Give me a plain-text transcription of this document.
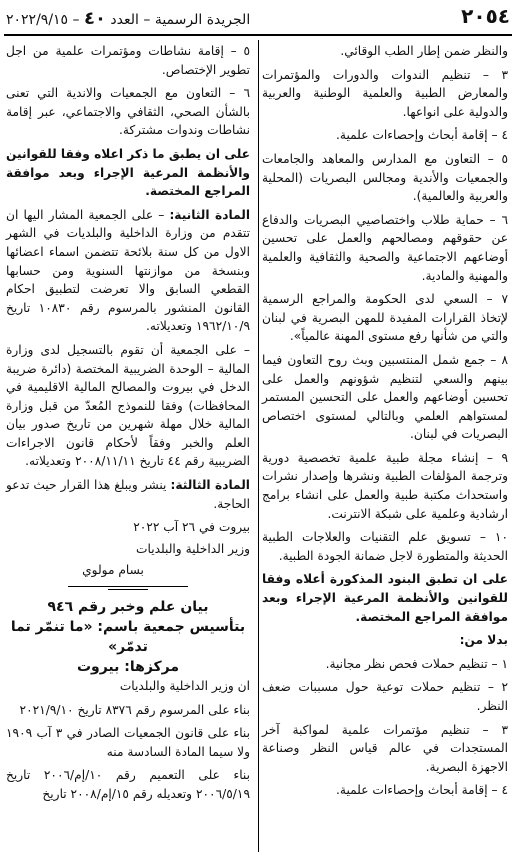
٢٠٥٤
الجريدة الرسمية – العدد ٤٠ – ٢٠٢٢/٩/١٥

والنظر ضمن إطار الطب الوقائي.

٣ – تنظيم الندوات والدورات والمؤتمرات والمعارض الطبية والعلمية الوطنية والعربية والدولية على انواعها.

٤ – إقامة أبحاث وإحصاءات علمية.

٥ – التعاون مع المدارس والمعاهد والجامعات والجمعيات والأندية ومجالس البصريات (المحلية والعربية والعالمية).

٦ – حماية طلاب واختصاصيي البصريات والدفاع عن حقوقهم ومصالحهم والعمل على تحسين أوضاعهم الاجتماعية والصحية والثقافية والعلمية والمهنية والمادية.

٧ – السعي لدى الحكومة والمراجع الرسمية لإتخاذ القرارات المفيدة للمهن البصرية في لبنان والتي من شأنها رفع مستوى المهنة عالمياً».

٨ – جمع شمل المنتسبين وبث روح التعاون فيما بينهم والسعي لتنظيم شؤونهم والعمل على تحسين أوضاعهم والعمل على التحسين المستمر لمستواهم العلمي وبالتالي لمستوى اختصاص البصريات في لبنان.

٩ – إنشاء مجلة طبية علمية تخصصية دورية وترجمة المؤلفات الطبية ونشرها وإصدار نشرات واستحداث مكتبة طبية والعمل على انشاء برامج ارشادية وعلمية على شبكة الانترنت.

١٠ – تسويق علم التقنيات والعلاجات الطبية الحديثة والمتطورة لاجل ضمانة الجودة الطبية.

على ان تطبق البنود المذكورة أعلاه وفقا للقوانين والأنظمة المرعية الإجراء وبعد موافقة المراجع المختصة.

بدلا من:

١ – تنظيم حملات فحص نظر مجانية.

٢ – تنظيم حملات توعية حول مسببات ضعف النظر.

٣ – تنظيم مؤتمرات علمية لمواكبة آخر المستجدات في عالم قياس النظر وصناعة الاجهزة البصرية.

٤ – إقامة أبحاث وإحصاءات علمية.

٥ – إقامة نشاطات ومؤتمرات علمية من اجل تطوير الإختصاص.

٦ – التعاون مع الجمعيات والاندية التي تعنى بالشأن الصحي، الثقافي والاجتماعي، عبر إقامة نشاطات وندوات مشتركة.

على ان يطبق ما ذكر اعلاه وفقا للقوانين والأنظمة المرعية الإجراء وبعد موافقة المراجع المختصة.

المادة الثانية: – على الجمعية المشار اليها ان تتقدم من وزارة الداخلية والبلديات في الشهر الاول من كل سنة بلائحة تتضمن اسماء اعضائها وبنسخة من موازنتها السنوية ومن حسابها القطعي السابق والا تعرضت لتطبيق احكام القانون المنشور بالمرسوم رقم ١٠٨٣٠ تاريخ ١٩٦٢/١٠/٩ وتعديلاته.

– على الجمعية أن تقوم بالتسجيل لدى وزارة المالية – الوحدة الضريبية المختصة (دائرة ضريبة الدخل في بيروت والمصالح المالية الاقليمية في المحافظات) وفقا للنموذج المُعدّ من قبل وزارة المالية خلال مهلة شهرين من تاريخ صدور بيان العلم والخبر وفقاً لأحكام قانون الاجراءات الضريبية رقم ٤٤ تاريخ ٢٠٠٨/١١/١١ وتعديلاته.

المادة الثالثة: ينشر ويبلغ هذا القرار حيث تدعو الحاجة.

بيروت في ٢٦ آب ٢٠٢٢
وزير الداخلية والبلديات
بسام مولوي
بيان علم وخبر رقم ٩٤٦
بتأسيس جمعية باسم: «ما تنمّر تما تدمّر»
مركزها: بيروت

ان وزير الداخلية والبلديات

بناء على المرسوم رقم ٨٣٧٦ تاريخ ٢٠٢١/٩/١٠

بناء على قانون الجمعيات الصادر في ٣ آب ١٩٠٩ ولا سيما المادة السادسة منه

بناء على التعميم رقم ١٠/إم/٢٠٠٦ تاريخ ٢٠٠٦/٥/١٩ وتعديله رقم ١٥/إم/٢٠٠٨ تاريخ
